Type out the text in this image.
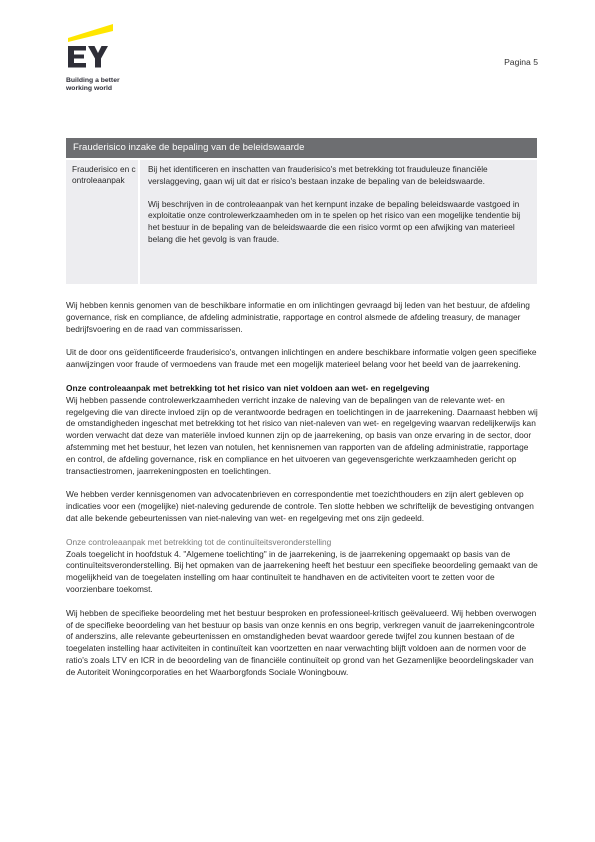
Building a better
working world
Pagina 5
Frauderisico inzake de bepaling van de beleidswaarde
Frauderisico en controleaanpak

Bij het identificeren en inschatten van frauderisico's met betrekking tot frauduleuze financiële verslaggeving, gaan wij uit dat er risico's bestaan inzake de bepaling van de beleidswaarde.

Wij beschrijven in de controleaanpak van het kernpunt inzake de bepaling beleidswaarde vastgoed in exploitatie onze controlewerkzaamheden om in te spelen op het risico van een mogelijke tendentie bij het bestuur in de bepaling van de beleidswaarde die een risico vormt op een afwijking van materieel belang die het gevolg is van fraude.

Wij hebben kennis genomen van de beschikbare informatie en om inlichtingen gevraagd bij leden van het bestuur, de afdeling governance, risk en compliance, de afdeling administratie, rapportage en control alsmede de afdeling treasury, de manager bedrijfsvoering en de raad van commissarissen.

Uit de door ons geïdentificeerde frauderisico's, ontvangen inlichtingen en andere beschikbare informatie volgen geen specifieke aanwijzingen voor fraude of vermoedens van fraude met een mogelijk materieel belang voor het beeld van de jaarrekening.

Onze controleaanpak met betrekking tot het risico van niet voldoen aan wet- en regelgeving
Wij hebben passende controlewerkzaamheden verricht inzake de naleving van de bepalingen van de relevante wet- en regelgeving die van directe invloed zijn op de verantwoorde bedragen en toelichtingen in de jaarrekening. Daarnaast hebben wij de omstandigheden ingeschat met betrekking tot het risico van niet-naleven van wet- en regelgeving waarvan redelijkerwijs kan worden verwacht dat deze van materiële invloed kunnen zijn op de jaarrekening, op basis van onze ervaring in de sector, door afstemming met het bestuur, het lezen van notulen, het kennisnemen van rapporten van de afdeling administratie, rapportage en control, de afdeling governance, risk en compliance en het uitvoeren van gegevensgerichte werkzaamheden gericht op transactiestromen, jaarrekeningposten en toelichtingen.

We hebben verder kennisgenomen van advocatenbrieven en correspondentie met toezichthouders en zijn alert gebleven op indicaties voor een (mogelijke) niet-naleving gedurende de controle. Ten slotte hebben we schriftelijk de bevestiging ontvangen dat alle bekende gebeurtenissen van niet-naleving van wet- en regelgeving met ons zijn gedeeld.

Onze controleaanpak met betrekking tot de continuïteitsveronderstelling
Zoals toegelicht in hoofdstuk 4. "Algemene toelichting" in de jaarrekening, is de jaarrekening opgemaakt op basis van de continuïteitsveronderstelling. Bij het opmaken van de jaarrekening heeft het bestuur een specifieke beoordeling gemaakt van de mogelijkheid van de toegelaten instelling om haar continuïteit te handhaven en de activiteiten voort te zetten voor de voorzienbare toekomst.

Wij hebben de specifieke beoordeling met het bestuur besproken en professioneel-kritisch geëvalueerd. Wij hebben overwogen of de specifieke beoordeling van het bestuur op basis van onze kennis en ons begrip, verkregen vanuit de jaarrekeningcontrole of anderszins, alle relevante gebeurtenissen en omstandigheden bevat waardoor gerede twijfel zou kunnen bestaan of de toegelaten instelling haar activiteiten in continuïteit kan voortzetten en naar verwachting blijft voldoen aan de normen voor de ratio's zoals LTV en ICR in de beoordeling van de financiële continuïteit op grond van het Gezamenlijke beoordelingskader van de Autoriteit Woningcorporaties en het Waarborgfonds Sociale Woningbouw.
